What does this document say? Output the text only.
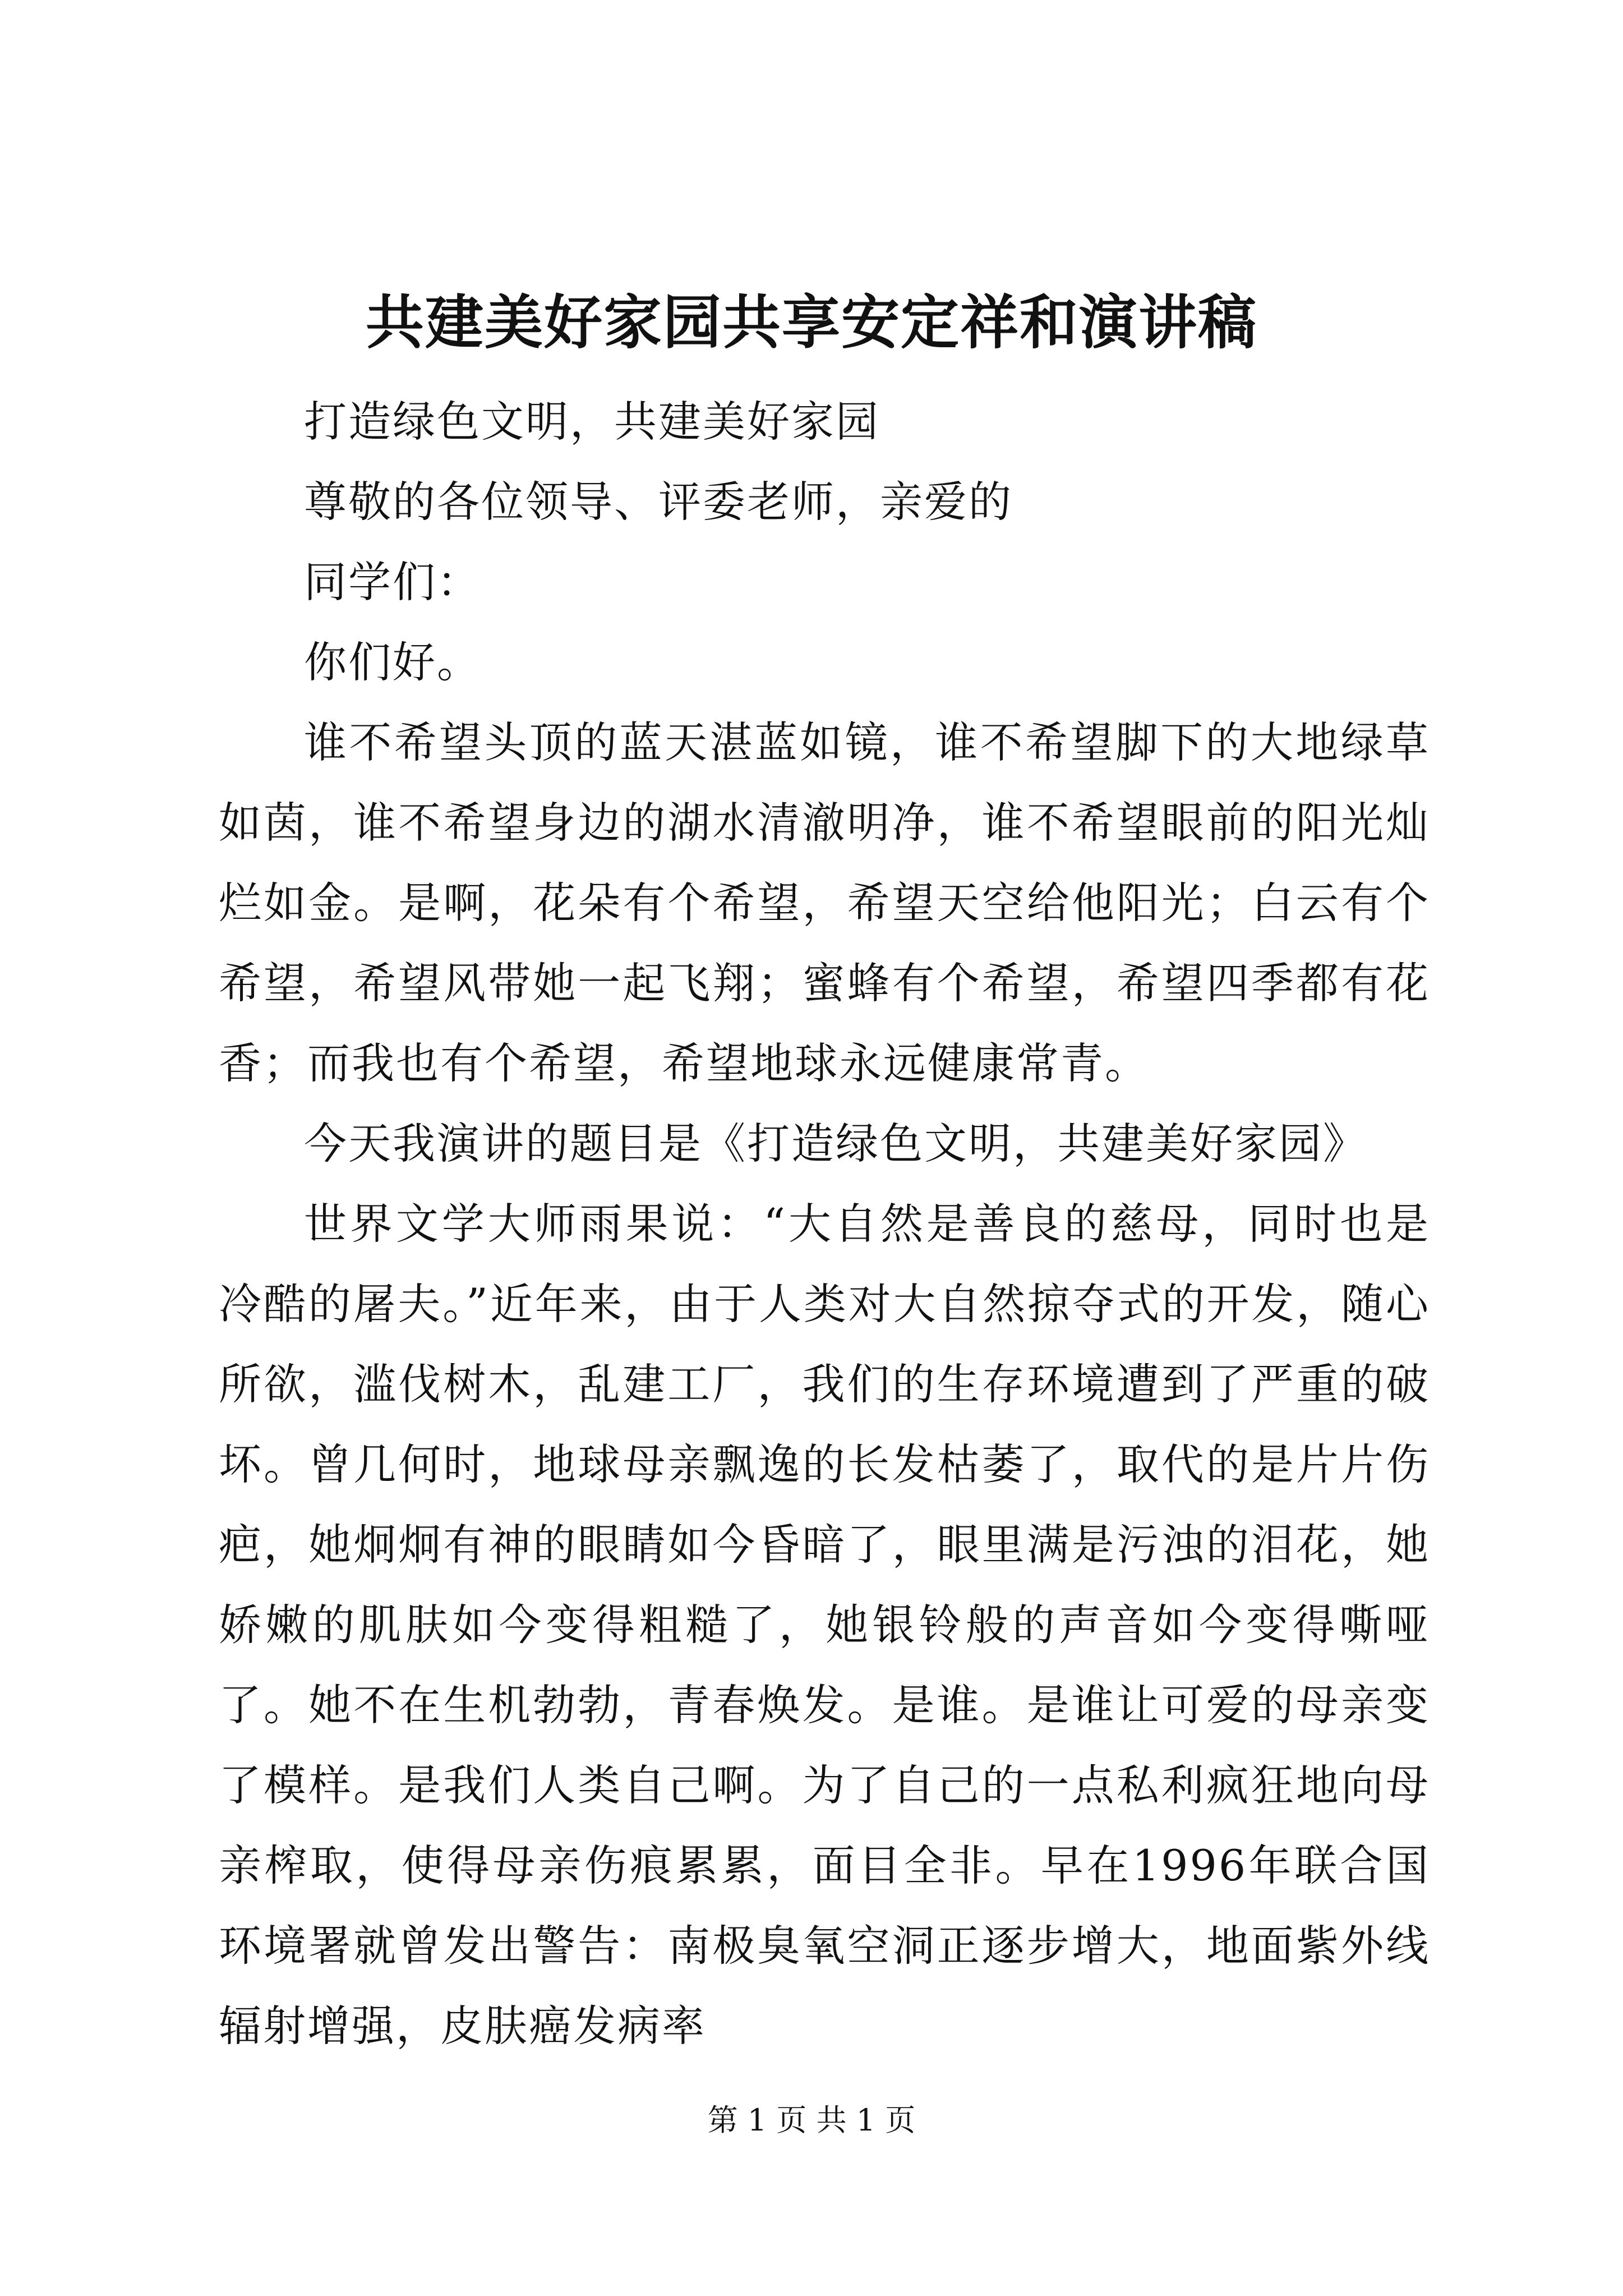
共建美好家园共享安定祥和演讲稿

打造绿色文明，共建美好家园

尊敬的各位领导、评委老师，亲爱的

同学们：

你们好。

谁不希望头顶的蓝天湛蓝如镜，谁不希望脚下的大地绿草如茵，谁不希望身边的湖水清澈明净，谁不希望眼前的阳光灿烂如金。是啊，花朵有个希望，希望天空给他阳光；白云有个希望，希望风带她一起飞翔；蜜蜂有个希望，希望四季都有花香；而我也有个希望，希望地球永远健康常青。

今天我演讲的题目是《打造绿色文明，共建美好家园》

世界文学大师雨果说：“大自然是善良的慈母，同时也是冷酷的屠夫。”近年来，由于人类对大自然掠夺式的开发，随心所欲，滥伐树木，乱建工厂，我们的生存环境遭到了严重的破坏。曾几何时，地球母亲飘逸的长发枯萎了，取代的是片片伤疤，她炯炯有神的眼睛如今昏暗了，眼里满是污浊的泪花，她娇嫩的肌肤如今变得粗糙了，她银铃般的声音如今变得嘶哑了。她不在生机勃勃，青春焕发。是谁。是谁让可爱的母亲变了模样。是我们人类自己啊。为了自己的一点私利疯狂地向母亲榨取，使得母亲伤痕累累，面目全非。早在1996年联合国环境署就曾发出警告：南极臭氧空洞正逐步增大，地面紫外线辐射增强，皮肤癌发病率

第 1 页 共 1 页
